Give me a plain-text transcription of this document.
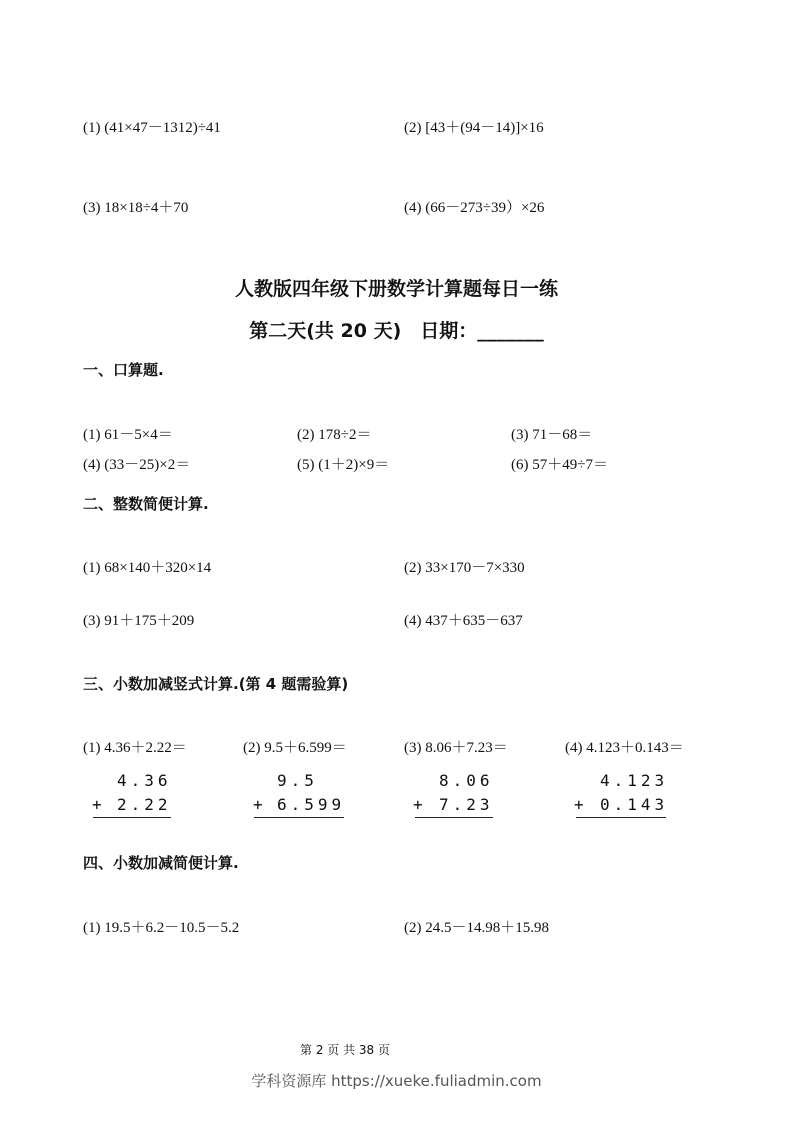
(1) (41×47－1312)÷41	(2) [43＋(94－14)]×16
(3) 18×18÷4＋70	(4) (66－273÷39）×26
人教版四年级下册数学计算题每日一练
第二天(共 20 天)　日期：_______
一、口算题.
(1) 61－5×4＝	(2) 178÷2＝	(3) 71－68＝
(4) (33－25)×2＝	(5) (1＋2)×9＝	(6) 57＋49÷7＝
二、整数简便计算.
(1) 68×140＋320×14	(2) 33×170－7×330
(3) 91＋175＋209	(4) 437＋635－637
三、小数加减竖式计算.(第 4 题需验算)
(1) 4.36＋2.22＝	(2) 9.5＋6.599＝	(3) 8.06＋7.23＝	(4) 4.123＋0.143＝
4.36
+ 2.22
9.5
+ 6.599
8.06
+ 7.23
4.123
+ 0.143
四、小数加减简便计算.
(1) 19.5＋6.2－10.5－5.2	(2) 24.5－14.98＋15.98
第 2 页 共 38 页
学科资源库 https://xueke.fuliadmin.com
